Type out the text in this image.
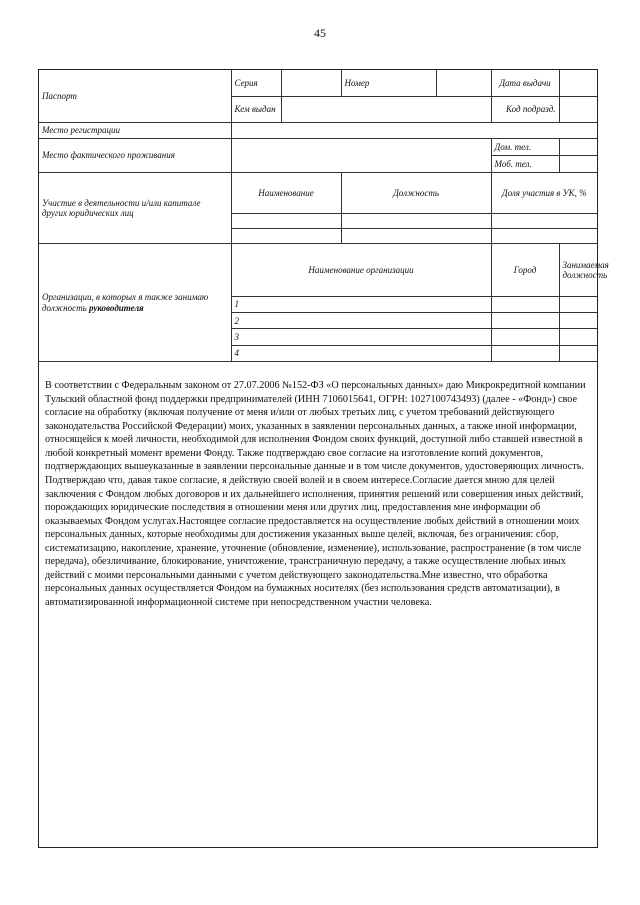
45
Паспорт	Серия		Номер		Дата выдачи	
	Кем выдан				Код подразд.	
Место регистрации						
Место фактического проживания					Дом. тел.	
					Моб. тел.	
Участие в деятельности и/или капитале других юридических лиц	Наименование		Должность		Доля участия в УК, %	

Организации, в которых я также занимаю должность руководителя	Наименование организации				Город	Занимаемая должность
	1					
	2					
	3					
	4					

В соответствии с Федеральным законом от 27.07.2006 №152-ФЗ «О персональных данных» даю Микрокредитной компании Тульский областной фонд поддержки предпринимателей (ИНН 7106015641, ОГРН: 1027100743493) (далее - «Фонд») свое согласие на обработку (включая получение от меня и/или от любых третьих лиц, с учетом требований действующего законодательства Российской Федерации) моих, указанных в заявлении персональных данных, а также иной информации, относящейся к моей личности, необходимой для исполнения Фондом своих функций, доступной либо ставшей известной в любой конкретный момент времени Фонду. Также подтверждаю свое согласие на изготовление копий документов, подтверждающих вышеуказанные в заявлении персональные данные и в том числе документов, удостоверяющих личность. Подтверждаю что, давая такое согласие, я действую своей волей и в своем интересе.Согласие дается мною для целей заключения с Фондом любых договоров и их дальнейшего исполнения, принятия решений или совершения иных действий, порождающих юридические последствия в отношении меня или других лиц, предоставления мне информации об оказываемых Фондом услугах.Настоящее согласие предоставляется на осуществление любых действий в отношении моих персональных данных, которые необходимы для достижения указанных выше целей, включая, без ограничения: сбор, систематизацию, накопление, хранение, уточнение (обновление, изменение), использование, распространение (в том числе передача), обезличивание, блокирование, уничтожение, трансграничную передачу, а также осуществление любых иных действий с моими персональными данными с учетом действующего законодательства.Мне известно, что обработка персональных данных осуществляется Фондом на бумажных носителях (без использования средств автоматизации), в автоматизированной информационной системе при непосредственном участии человека.
